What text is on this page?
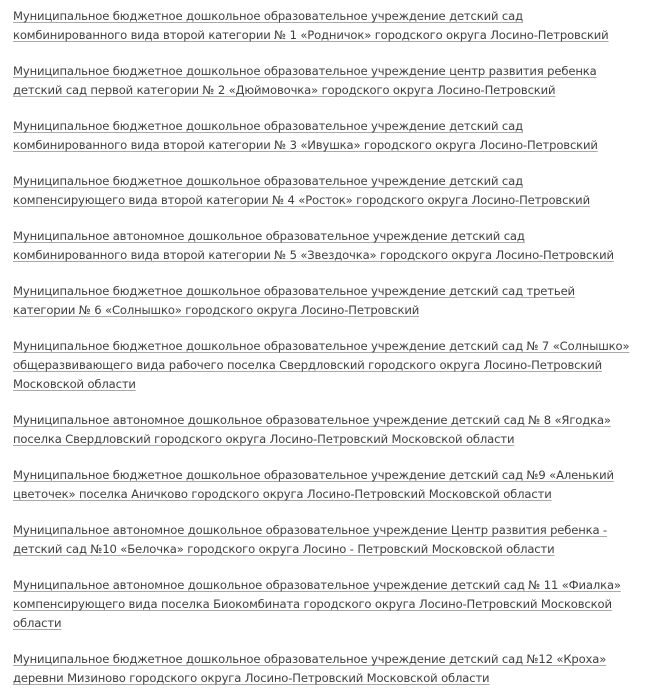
Муниципальное бюджетное дошкольное образовательное учреждение детский сад комбинированного вида второй категории № 1 «Родничок» городского округа Лосино-Петровский
Муниципальное бюджетное дошкольное образовательное учреждение центр развития ребенка детский сад первой категории № 2 «Дюймовочка» городского округа Лосино-Петровский
Муниципальное бюджетное дошкольное образовательное учреждение детский сад комбинированного вида второй категории № 3 «Ивушка» городского округа Лосино-Петровский
Муниципальное бюджетное дошкольное образовательное учреждение детский сад компенсирующего вида второй категории № 4 «Росток» городского округа Лосино-Петровский
Муниципальное автономное дошкольное образовательное учреждение детский сад комбинированного вида второй категории № 5 «Звездочка» городского округа Лосино-Петровский
Муниципальное бюджетное дошкольное образовательное учреждение детский сад третьей категории № 6 «Солнышко» городского округа Лосино-Петровский
Муниципальное бюджетное дошкольное образовательное учреждение детский сад № 7 «Солнышко» общеразвивающего вида рабочего поселка Свердловский городского округа Лосино-Петровский Московской области
Муниципальное автономное дошкольное образовательное учреждение детский сад № 8 «Ягодка» поселка Свердловский городского округа Лосино-Петровский Московской области
Муниципальное бюджетное дошкольное образовательное учреждение детский сад №9 «Аленький цветочек» поселка Аничково городского округа Лосино-Петровский Московской области
Муниципальное автономное дошкольное образовательное учреждение Центр развития ребенка - детский сад №10 «Белочка» городского округа Лосино - Петровский Московской области
Муниципальное автономное дошкольное образовательное учреждение детский сад № 11 «Фиалка» компенсирующего вида поселка Биокомбината городского округа Лосино-Петровский Московской области
Муниципальное бюджетное дошкольное образовательное учреждение детский сад №12 «Кроха» деревни Мизиново городского округа Лосино-Петровский Московской области
